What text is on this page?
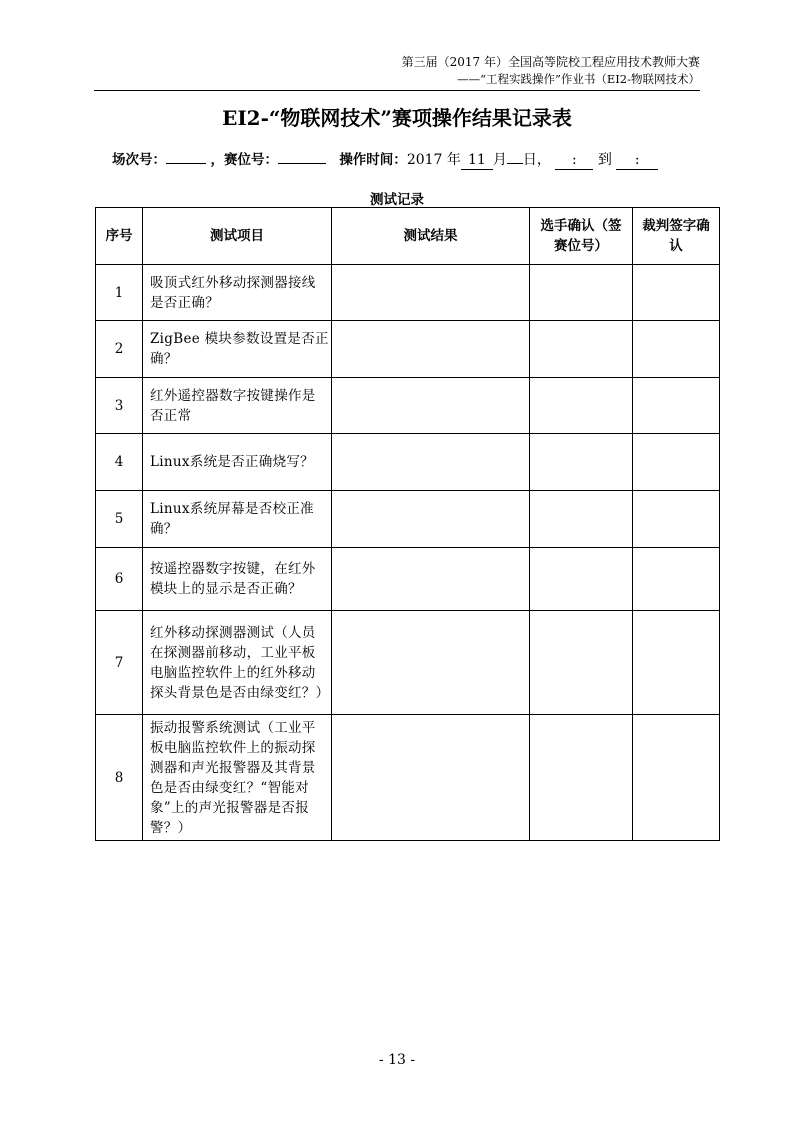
第三届（2017 年）全国高等院校工程应用技术教师大赛
——“工程实践操作”作业书（EI2-物联网技术）
EI2-“物联网技术”赛项操作结果记录表
场次号：	，赛位号：	操作时间：2017 年 11 月 日， : 到 :
测试记录
序号	测试项目	测试结果	选手确认（签赛位号）	裁判签字确认
1	吸顶式红外移动探测器接线是否正确？			
2	ZigBee 模块参数设置是否正确？			
3	红外遥控器数字按键操作是否正常			
4	Linux系统是否正确烧写？			
5	Linux系统屏幕是否校正准确？			
6	按遥控器数字按键，在红外模块上的显示是否正确？			
7	红外移动探测器测试（人员在探测器前移动，工业平板电脑监控软件上的红外移动探头背景色是否由绿变红？）			
8	振动报警系统测试（工业平板电脑监控软件上的振动探测器和声光报警器及其背景色是否由绿变红？“智能对象”上的声光报警器是否报警？）			
- 13 -
